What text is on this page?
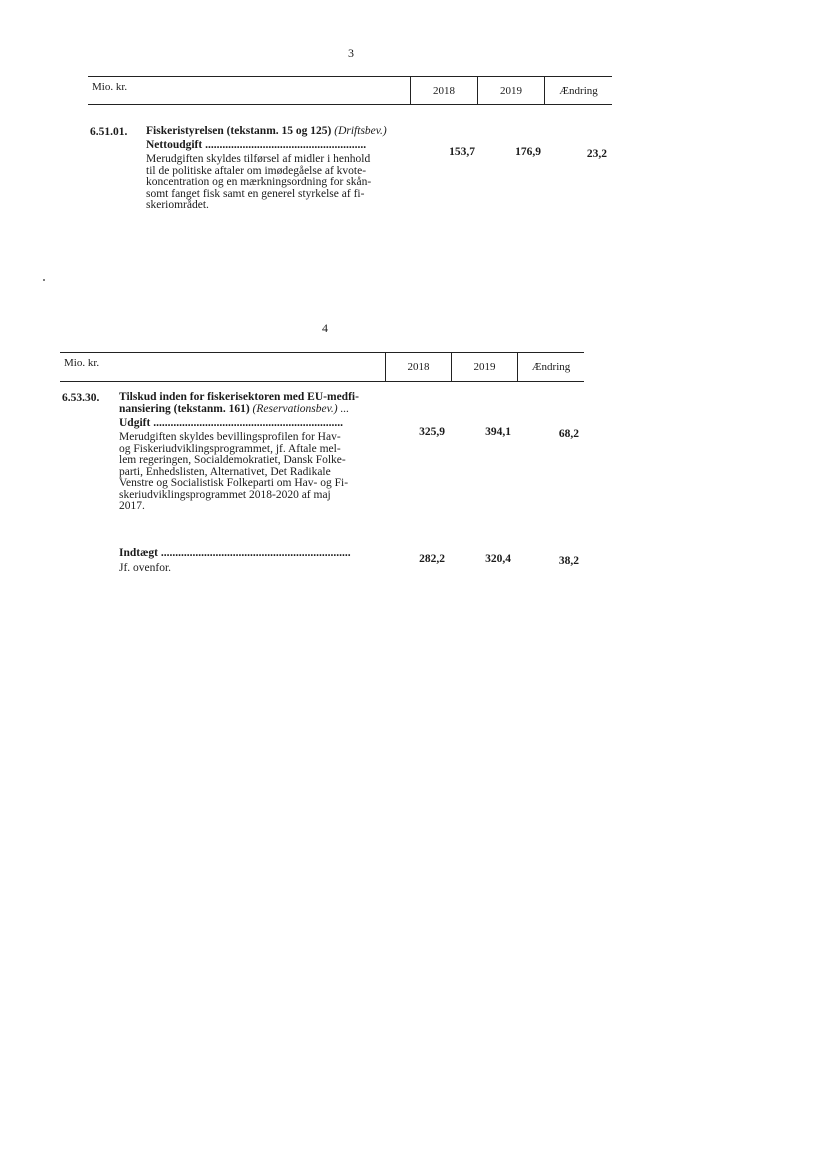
3
Mio. kr.	2018	2019	Ændring
6.51.01. Fiskeristyrelsen (tekstanm. 15 og 125) (Driftsbev.)
Nettoudgift ........................................................
153,7	176,9	23,2
Merudgiften skyldes tilførsel af midler i henhold
til de politiske aftaler om imødegåelse af kvote-
koncentration og en mærkningsordning for skån-
somt fanget fisk samt en generel styrkelse af fi-
skeriområdet.
4
Mio. kr.	2018	2019	Ændring
6.53.30. Tilskud inden for fiskerisektoren med EU-medfi-
nansiering (tekstanm. 161) (Reservationsbev.) ...
Udgift ..................................................................
325,9	394,1	68,2
Merudgiften skyldes bevillingsprofilen for Hav-
og Fiskeriudviklingsprogrammet, jf. Aftale mel-
lem regeringen, Socialdemokratiet, Dansk Folke-
parti, Enhedslisten, Alternativet, Det Radikale
Venstre og Socialistisk Folkeparti om Hav- og Fi-
skeriudviklingsprogrammet 2018-2020 af maj
2017.
Indtægt ..................................................................	282,2	320,4	38,2
Jf. ovenfor.
